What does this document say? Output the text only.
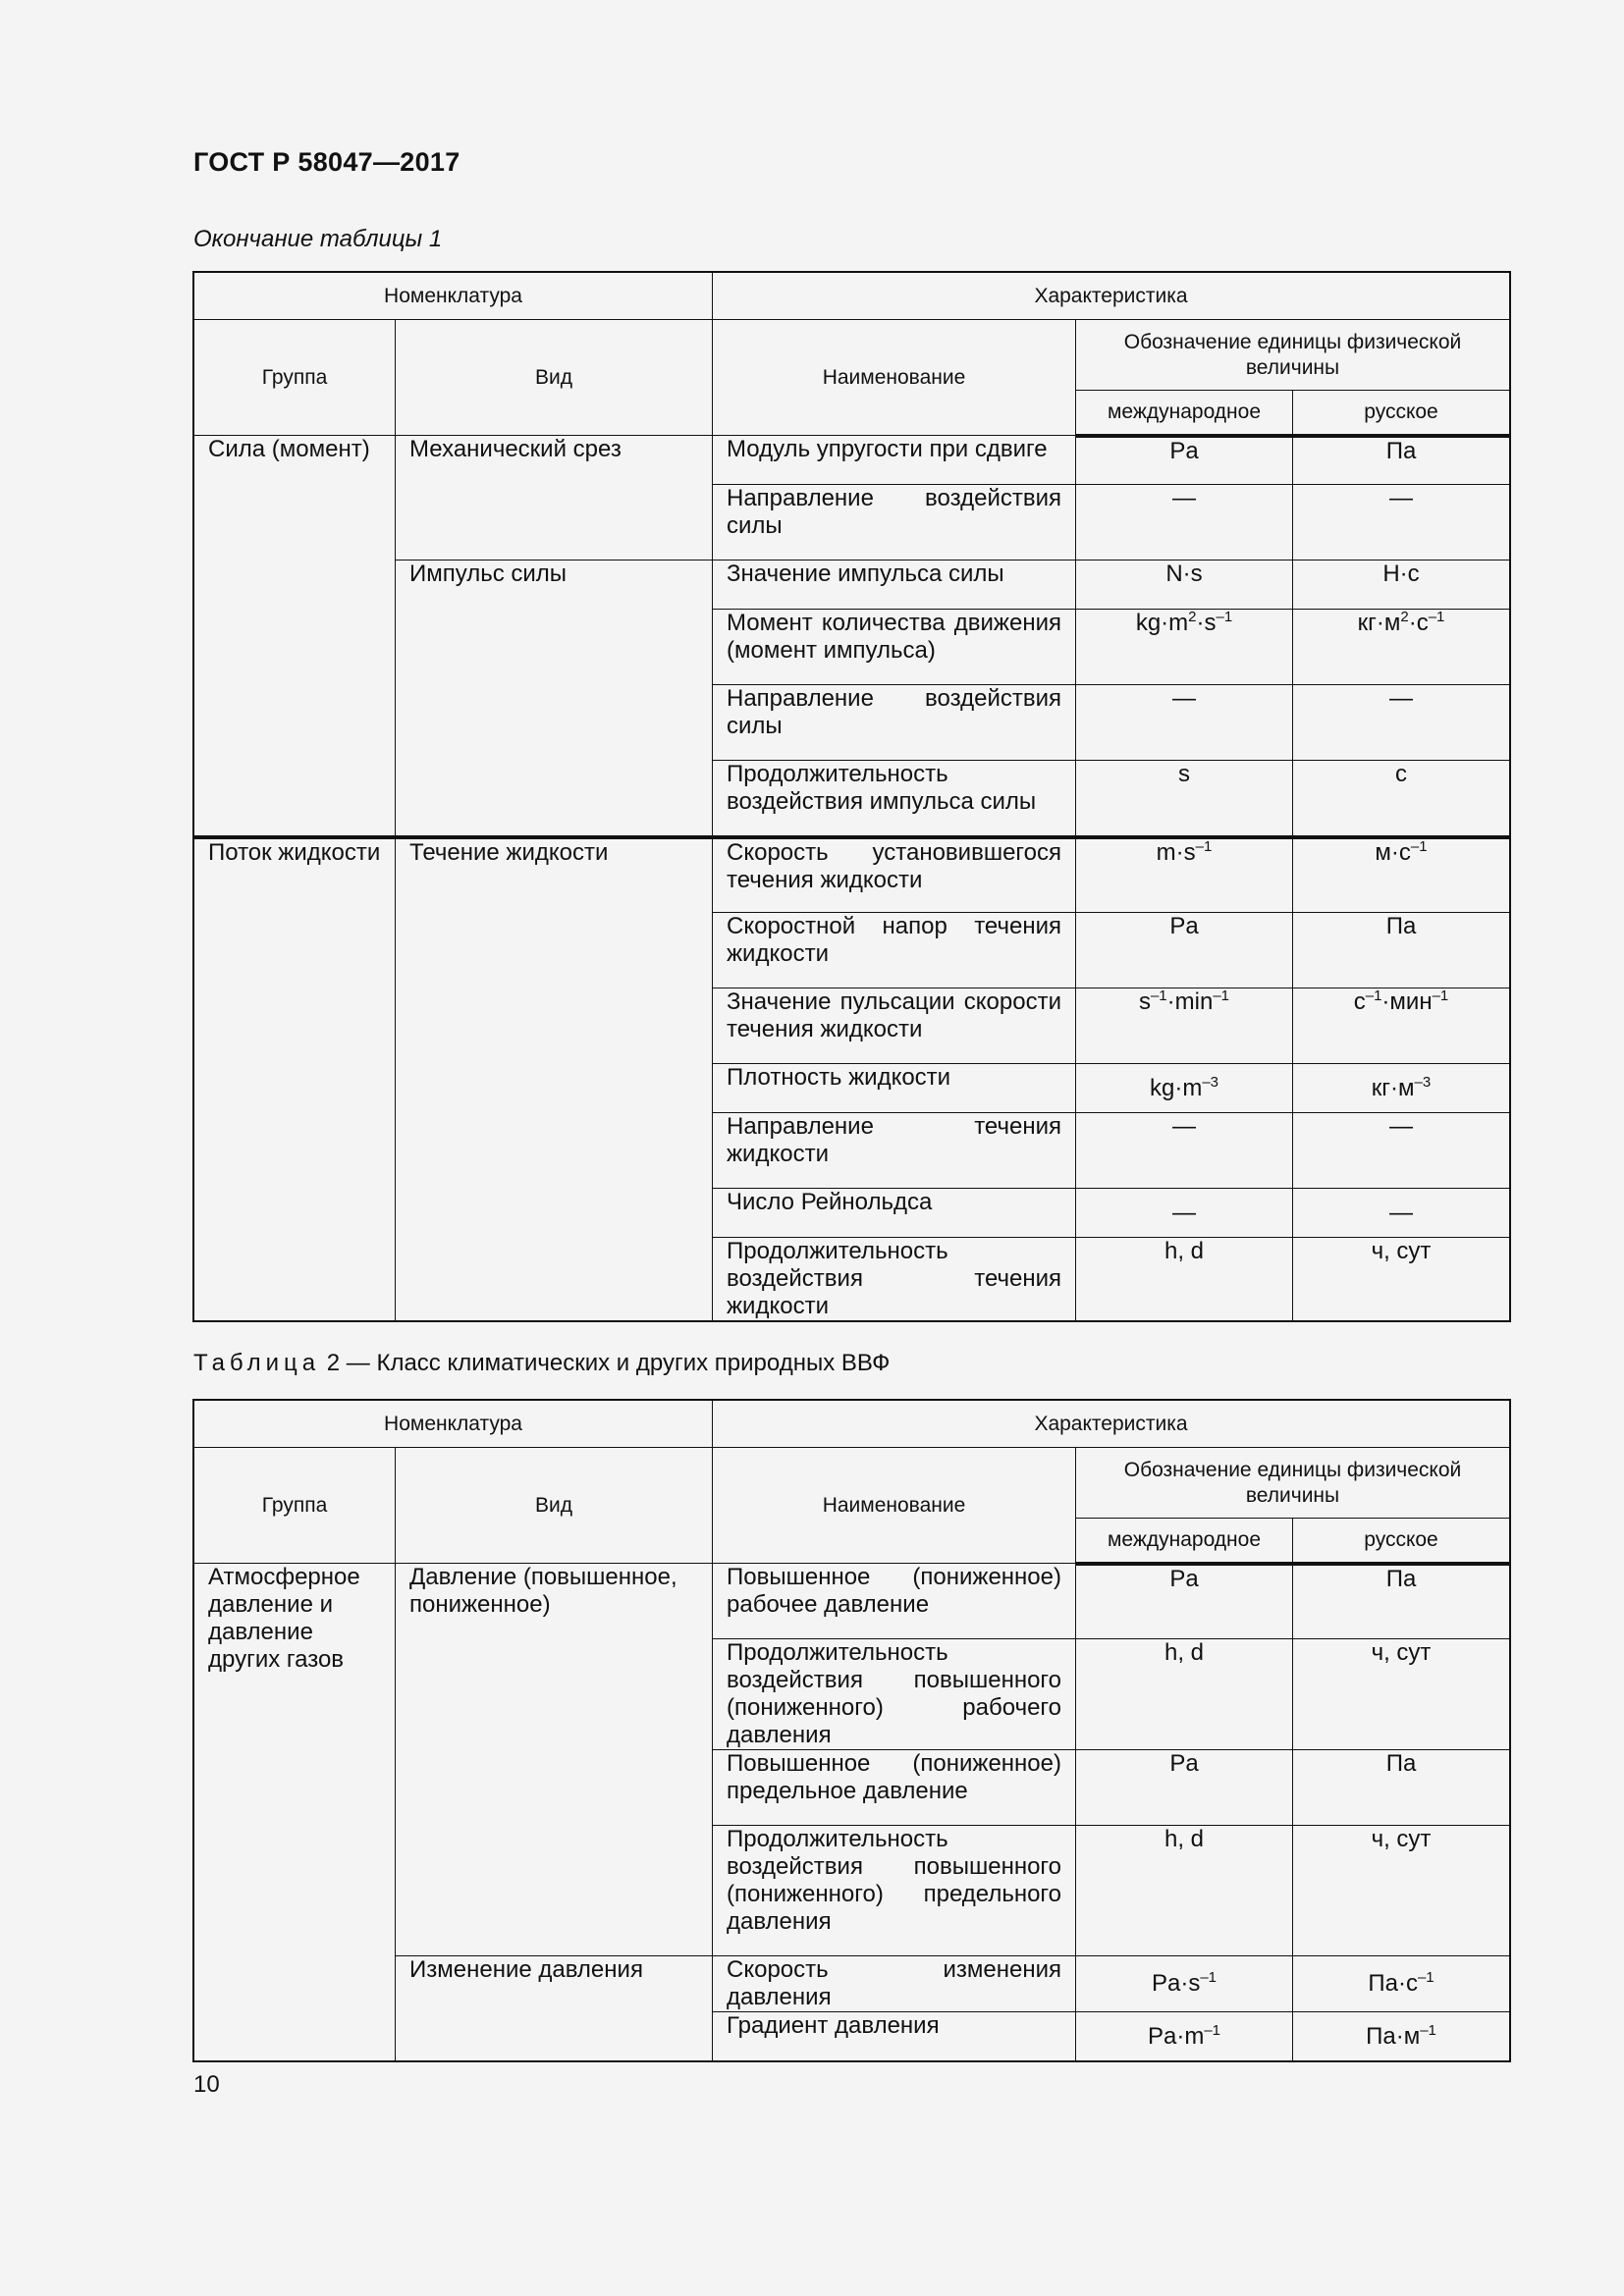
ГОСТ Р 58047—2017
Окончание таблицы 1
Номенклатура		Характеристика		
Группа	Вид	Наименование	Обозначение единицы физической величины	
			международное	русское
Сила (момент)	Механический срез	Модуль упругости при сдвиге	Pa	Па
		Направление воздействия силы	—	—
	Импульс силы	Значение импульса силы	N·s	Н·с
		Момент количества движения (момент импульса)	$kg\cdot m^2\cdot s^{-1}$	$кг\cdot м^2\cdot с^{-1}$
		Направление воздействия силы	—	—
		Продолжительность воздействия импульса силы	s	с
Поток жидкости	Течение жидкости	Скорость установившегося течения жидкости	$m\cdot s^{-1}$	$м\cdot с^{-1}$
		Скоростной напор течения жидкости	Pa	Па
		Значение пульсации скорости течения жидкости	$s^{-1}\cdot\min^{-1}$	$с^{-1}\cdot мин^{-1}$
		Плотность жидкости	$kg\cdot m^{-3}$	$кг\cdot м^{-3}$
		Направление течения жидкости	—	—
		Число Рейнольдса	—	—
		Продолжительность воздействия течения жидкости	h, d	ч, сут
Таблица 2 — Класс климатических и других природных ВВФ
Номенклатура		Характеристика		
Группа	Вид	Наименование	Обозначение единицы физической величины	
			международное	русское
Атмосферное давление и давление других газов	Давление (повышенное, пониженное)	Повышенное (пониженное) рабочее давление	Pa	Па
		Продолжительность воздействия повышенного (пониженного) рабочего давления	h, d	ч, сут
		Повышенное (пониженное) предельное давление	Pa	Па
		Продолжительность воздействия повышенного (пониженного) предельного давления	h, d	ч, сут
	Изменение давления	Скорость изменения давления	$Pa\cdot s^{-1}$	$Па\cdot с^{-1}$
		Градиент давления	$Pa\cdot m^{-1}$	$Па\cdot м^{-1}$
10
